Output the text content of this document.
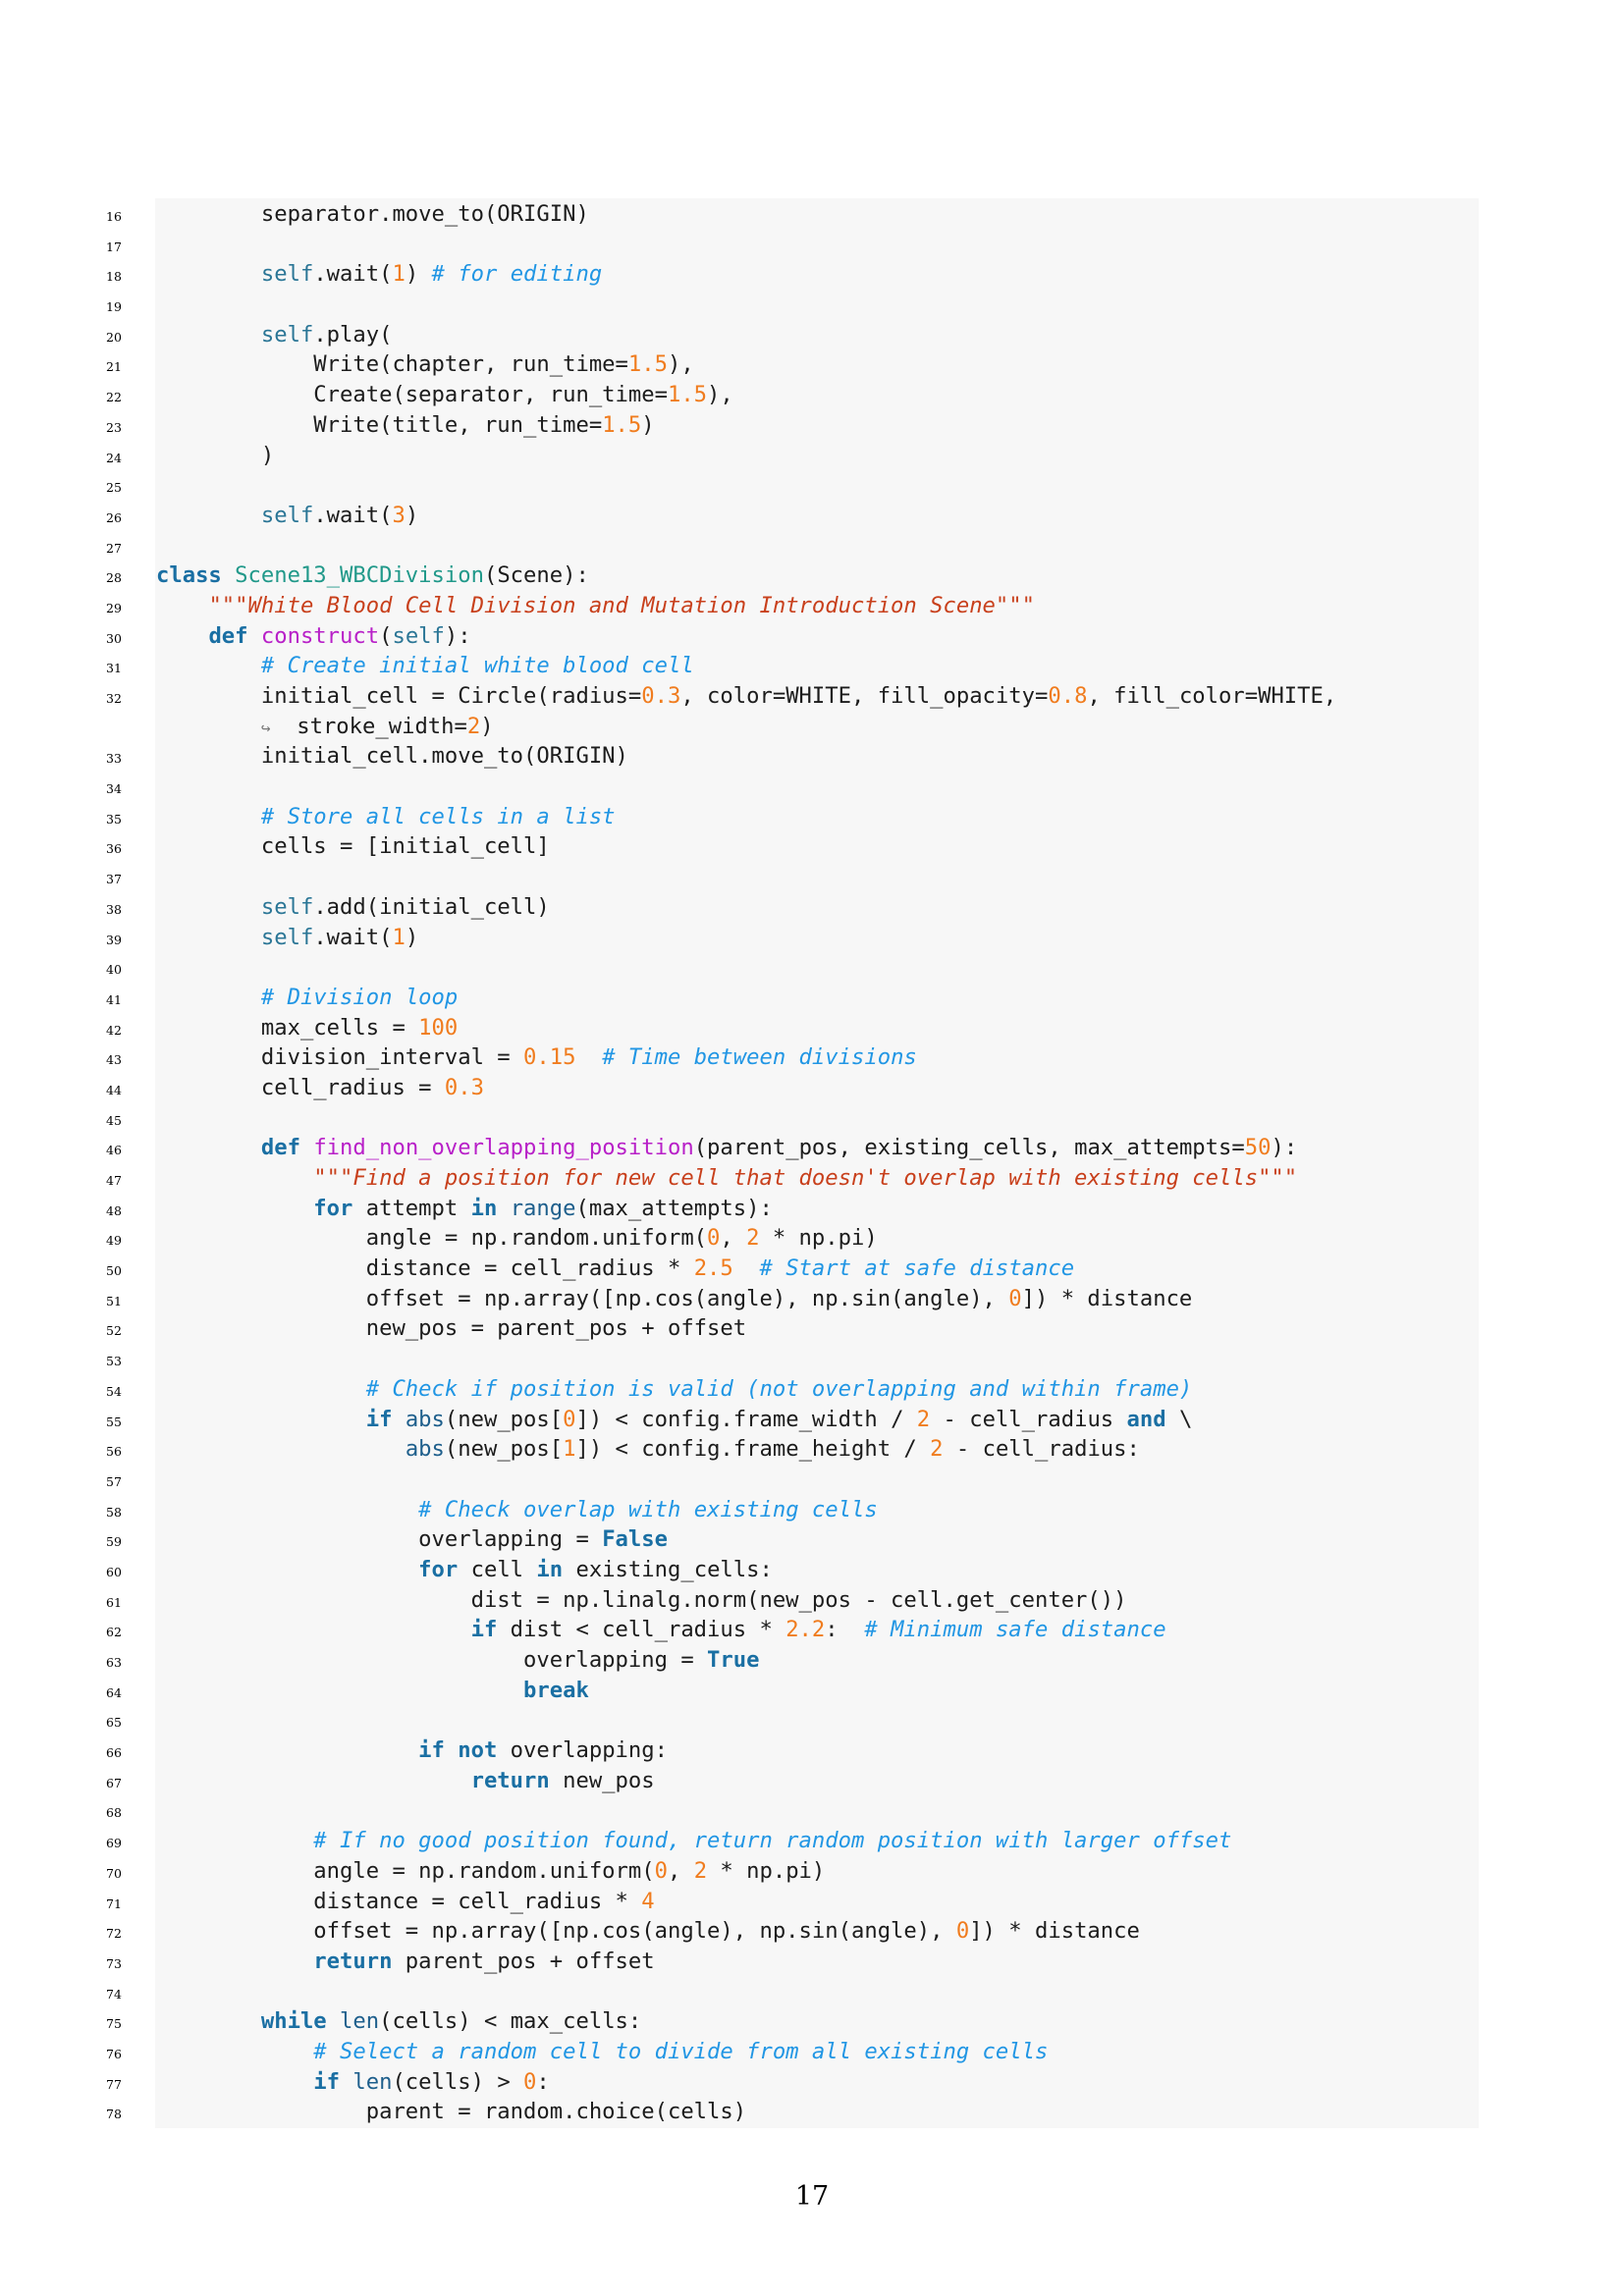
16 separator.move_to(ORIGIN)
17
18	self.wait(1) # for editing
19
20	self.play(
21 Write(chapter, run_time=1.5),
22 Create(separator, run_time=1.5),
23 Write(title, run_time=1.5)
24 )
25
26	self.wait(3)
27
28 class Scene13_WBCDivision(Scene):
29	"""White Blood Cell Division and Mutation Introduction Scene"""
30	def construct(self):
31	# Create initial white blood cell
32 initial_cell = Circle(radius=0.3, color=WHITE, fill_opacity=0.8, fill_color=WHITE,
↪  stroke_width=2)
33 initial_cell.move_to(ORIGIN)
34
35	# Store all cells in a list
36 cells = [initial_cell]
37
38	self.add(initial_cell)
39	self.wait(1)
40
41	# Division loop
42 max_cells = 100
43 division_interval = 0.15 # Time between divisions
44 cell_radius = 0.3
45
46	def find_non_overlapping_position(parent_pos, existing_cells, max_attempts=50):
47	"""Find a position for new cell that doesn't overlap with existing cells"""
48	for attempt in range(max_attempts):
49 angle = np.random.uniform(0, 2 * np.pi)
50 distance = cell_radius * 2.5 # Start at safe distance
51 offset = np.array([np.cos(angle), np.sin(angle), 0]) * distance
52 new_pos = parent_pos + offset
53
54	# Check if position is valid (not overlapping and within frame)
55	if abs(new_pos[0]) < config.frame_width / 2 - cell_radius and \
56	abs(new_pos[1]) < config.frame_height / 2 - cell_radius:
57
58	# Check overlap with existing cells
59 overlapping = False
60	for cell in existing_cells:
61 dist = np.linalg.norm(new_pos - cell.get_center())
62	if dist < cell_radius * 2.2:  # Minimum safe distance
63 overlapping = True
64	break
65
66	if not overlapping:
67	return new_pos
68
69	# If no good position found, return random position with larger offset
70 angle = np.random.uniform(0, 2 * np.pi)
71 distance = cell_radius * 4
72 offset = np.array([np.cos(angle), np.sin(angle), 0]) * distance
73	return parent_pos + offset
74
75	while len(cells) < max_cells:
76	# Select a random cell to divide from all existing cells
77	if len(cells) > 0:
78 parent = random.choice(cells)
17
